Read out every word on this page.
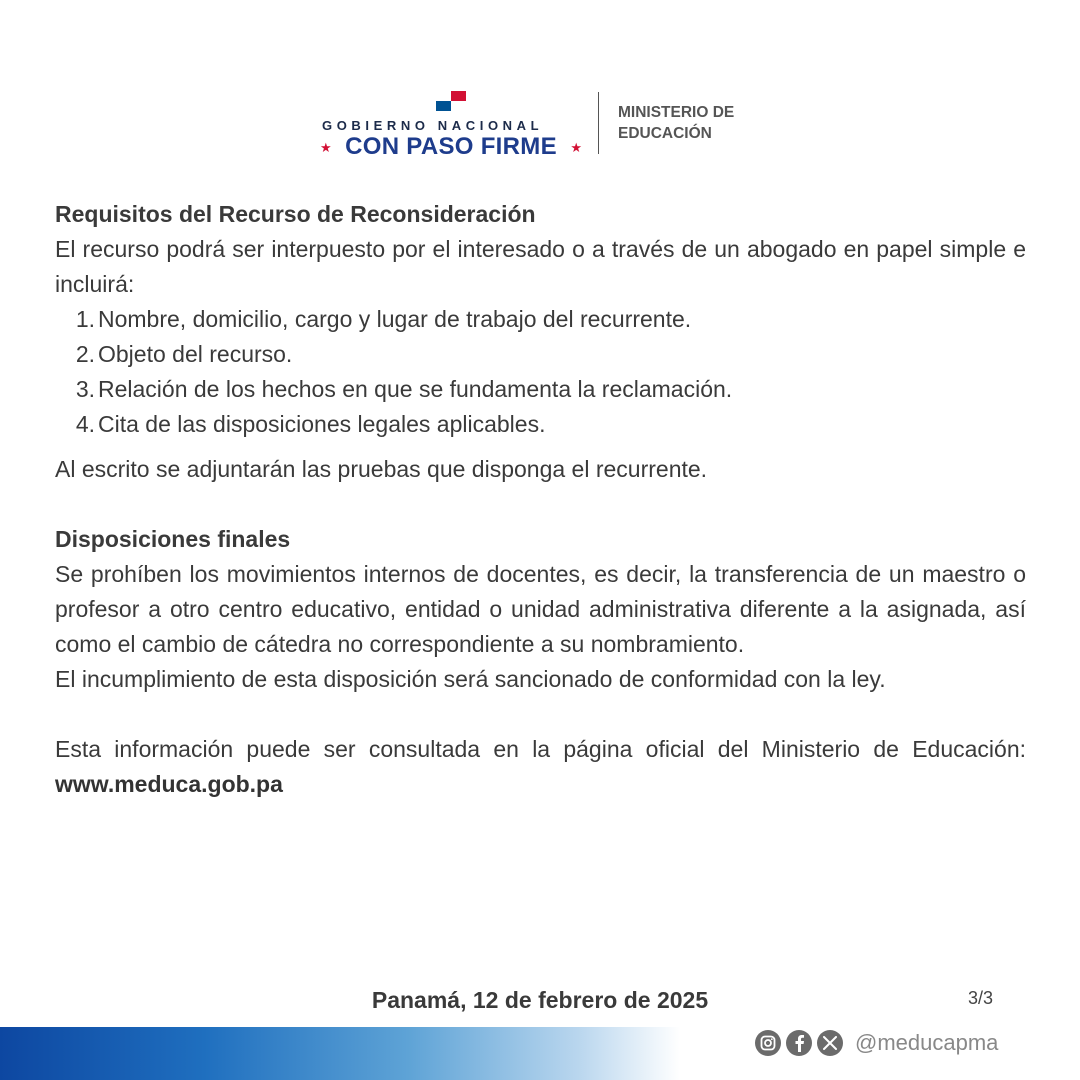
GOBIERNO NACIONAL
★ CON PASO FIRME ★
MINISTERIO DE
EDUCACIÓN

Requisitos del Recurso de Reconsideración

El recurso podrá ser interpuesto por el interesado o a través de un abogado en papel simple e incluirá:

1. Nombre, domicilio, cargo y lugar de trabajo del recurrente.
2. Objeto del recurso.
3. Relación de los hechos en que se fundamenta la reclamación.
4. Cita de las disposiciones legales aplicables.

Al escrito se adjuntarán las pruebas que disponga el recurrente.

Disposiciones finales

Se prohíben los movimientos internos de docentes, es decir, la transferencia de un maestro o profesor a otro centro educativo, entidad o unidad administrativa diferente a la asignada, así como el cambio de cátedra no correspondiente a su nombramiento.

El incumplimiento de esta disposición será sancionado de conformidad con la ley.

Esta información puede ser consultada en la página oficial del Ministerio de Educación: www.meduca.gob.pa

Panamá, 12 de febrero de 2025	3/3
@meducapma
